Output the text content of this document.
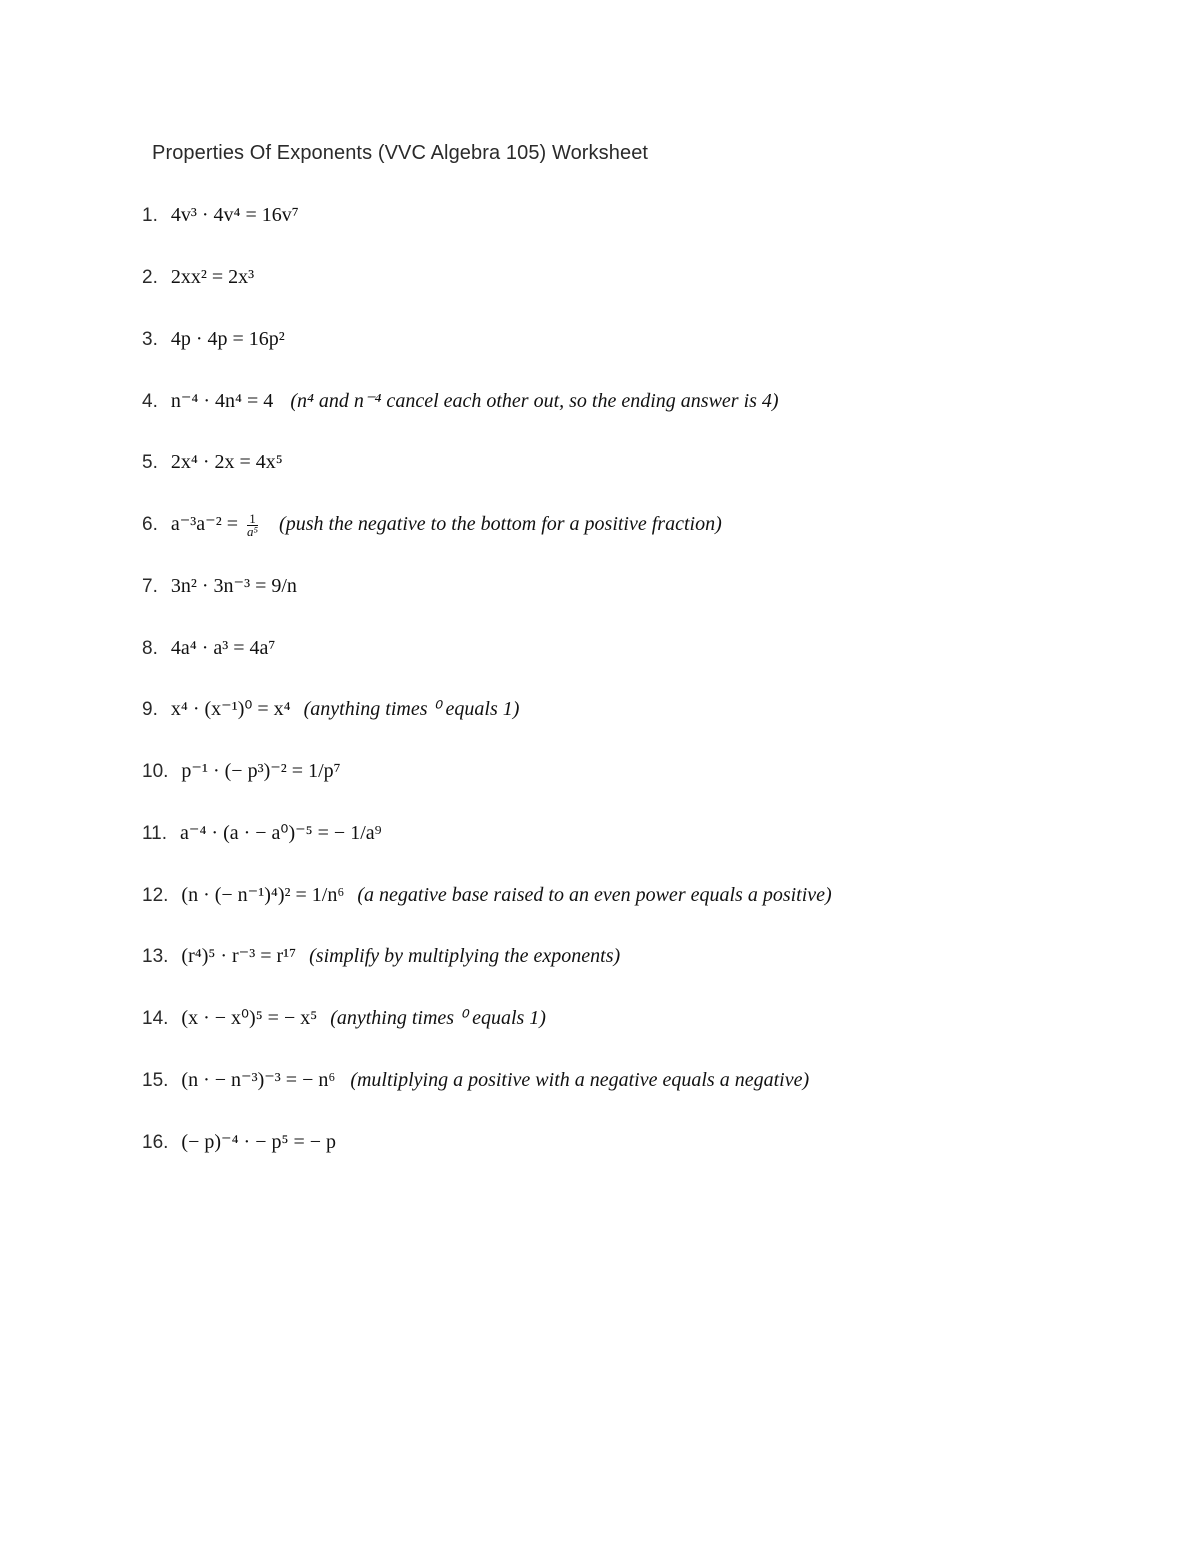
Properties Of Exponents (VVC Algebra 105) Worksheet
1. 4v³ · 4v⁴ = 16v⁷
2. 2xx² = 2x³
3. 4p · 4p = 16p²
4. n⁻⁴ · 4n⁴ = 4 (n⁴ and n⁻⁴ cancel each other out, so the ending answer is 4)
5. 2x⁴ · 2x = 4x⁵
6. $a^{-3}a^{-2} = \frac{1}{\text{a⁵}}$ (push the negative to the bottom for a positive fraction)
7. 3n² · 3n⁻³ = 9/n
8. 4a⁴ · a³ = 4a⁷
9. x⁴ · (x⁻¹)⁰ = x⁴ (anything times ⁰ equals 1)
10. p⁻¹ · (− p³)⁻² = 1/p⁷
11. a⁻⁴ · (a · − a⁰)⁻⁵ = − 1/a⁹
12. (n · (− n⁻¹)⁴)² = 1/n⁶ (a negative base raised to an even power equals a positive)
13. (r⁴)⁵ · r⁻³ = r¹⁷ (simplify by multiplying the exponents)
14. (x · − x⁰)⁵ = − x⁵ (anything times ⁰ equals 1)
15. (n · − n⁻³)⁻³ = − n⁶ (multiplying a positive with a negative equals a negative)
16. (− p)⁻⁴ · − p⁵ = − p
